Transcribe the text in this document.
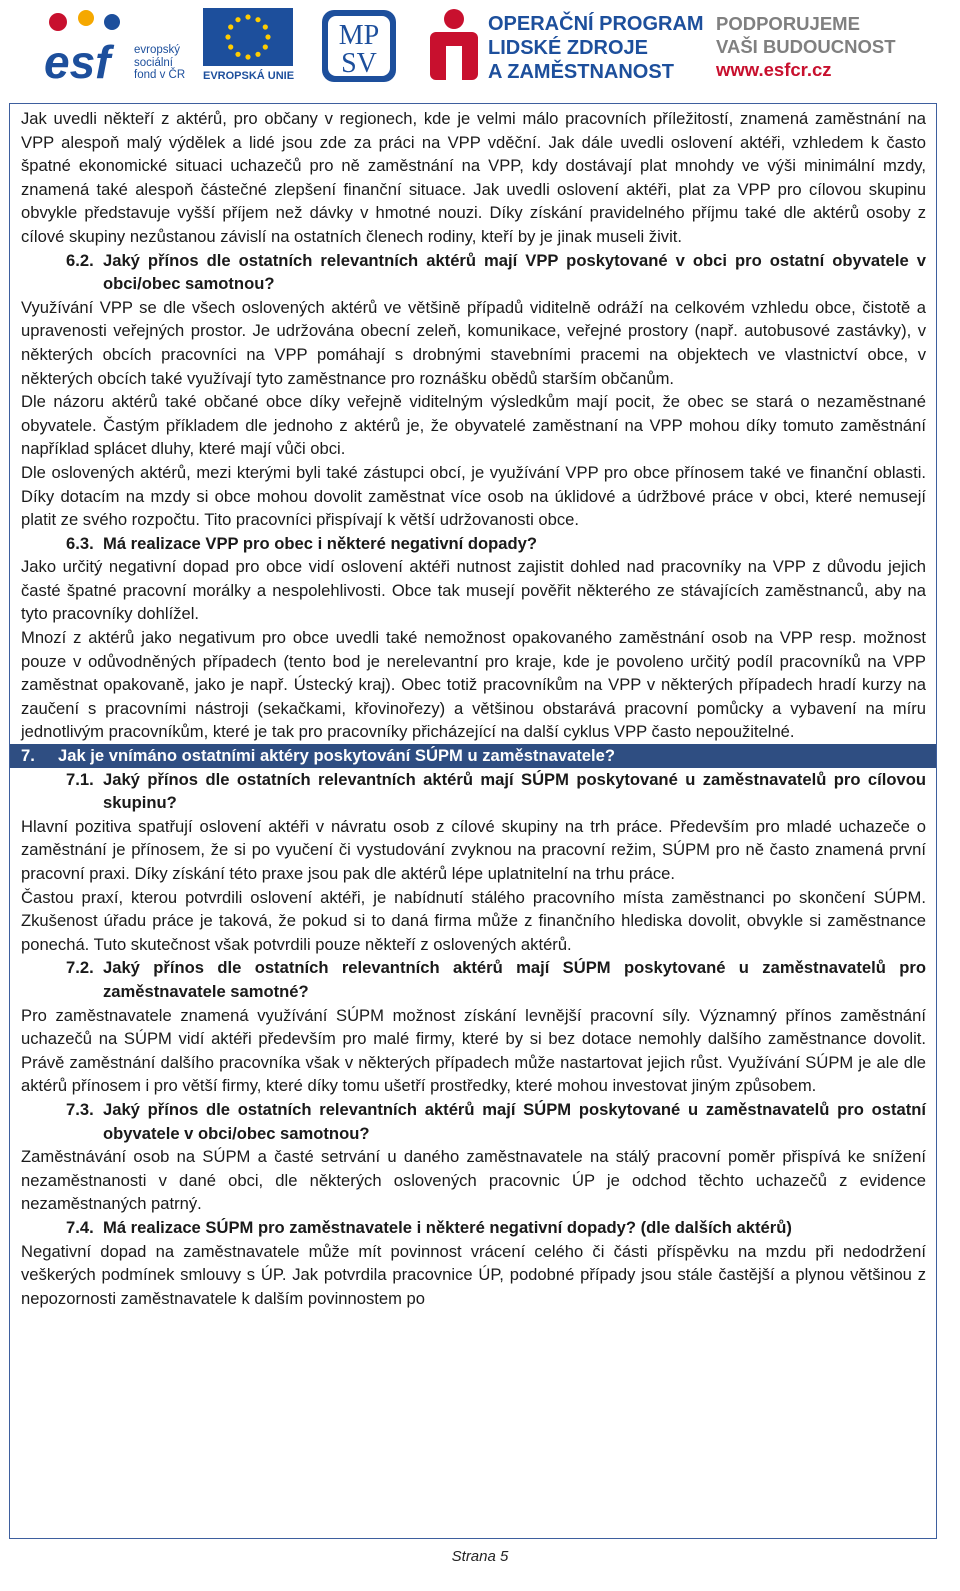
esf	evropský
sociální
fond v ČR EVROPSKÁ UNIE
MP
SV
OPERAČNÍ PROGRAM
LIDSKÉ ZDROJE
A ZAMĚSTNANOST
PODPORUJEME
VAŠI BUDOUCNOST
www.esfcr.cz

Jak uvedli někteří z aktérů, pro občany v regionech, kde je velmi málo pracovních příležitostí, znamená zaměstnání na VPP alespoň malý výdělek a lidé jsou zde za práci na VPP vděční. Jak dále uvedli oslovení aktéři, vzhledem k často špatné ekonomické situaci uchazečů pro ně zaměstnání na VPP, kdy dostávají plat mnohdy ve výši minimální mzdy, znamená také alespoň částečné zlepšení finanční situace. Jak uvedli oslovení aktéři, plat za VPP pro cílovou skupinu obvykle představuje vyšší příjem než dávky v hmotné nouzi. Díky získání pravidelného příjmu také dle aktérů osoby z cílové skupiny nezůstanou závislí na ostatních členech rodiny, kteří by je jinak museli živit.

6.2. Jaký přínos dle ostatních relevantních aktérů mají VPP poskytované v obci pro ostatní obyvatele v obci/obec samotnou?

Využívání VPP se dle všech oslovených aktérů ve většině případů viditelně odráží na celkovém vzhledu obce, čistotě a upravenosti veřejných prostor. Je udržována obecní zeleň, komunikace, veřejné prostory (např. autobusové zastávky), v některých obcích pracovníci na VPP pomáhají s drobnými stavebními pracemi na objektech ve vlastnictví obce, v některých obcích také využívají tyto zaměstnance pro roznášku obědů starším občanům.

Dle názoru aktérů také občané obce díky veřejně viditelným výsledkům mají pocit, že obec se stará o nezaměstnané obyvatele. Častým příkladem dle jednoho z aktérů je, že obyvatelé zaměstnaní na VPP mohou díky tomuto zaměstnání například splácet dluhy, které mají vůči obci.

Dle oslovených aktérů, mezi kterými byli také zástupci obcí, je využívání VPP pro obce přínosem také ve finanční oblasti. Díky dotacím na mzdy si obce mohou dovolit zaměstnat více osob na úklidové a údržbové práce v obci, které nemusejí platit ze svého rozpočtu. Tito pracovníci přispívají k větší udržovanosti obce.

6.3. Má realizace VPP pro obec i některé negativní dopady?

Jako určitý negativní dopad pro obce vidí oslovení aktéři nutnost zajistit dohled nad pracovníky na VPP z důvodu jejich časté špatné pracovní morálky a nespolehlivosti. Obce tak musejí pověřit některého ze stávajících zaměstnanců, aby na tyto pracovníky dohlížel.

Mnozí z aktérů jako negativum pro obce uvedli také nemožnost opakovaného zaměstnání osob na VPP resp. možnost pouze v odůvodněných případech (tento bod je nerelevantní pro kraje, kde je povoleno určitý podíl pracovníků na VPP zaměstnat opakovaně, jako je např. Ústecký kraj). Obec totiž pracovníkům na VPP v některých případech hradí kurzy na zaučení s pracovními nástroji (sekačkami, křovinořezy) a většinou obstarává pracovní pomůcky a vybavení na míru jednotlivým pracovníkům, které je tak pro pracovníky přicházející na další cyklus VPP často nepoužitelné.

7. Jak je vnímáno ostatními aktéry poskytování SÚPM u zaměstnavatele?
7.1. Jaký přínos dle ostatních relevantních aktérů mají SÚPM poskytované u zaměstnavatelů pro cílovou skupinu?

Hlavní pozitiva spatřují oslovení aktéři v návratu osob z cílové skupiny na trh práce. Především pro mladé uchazeče o zaměstnání je přínosem, že si po vyučení či vystudování zvyknou na pracovní režim, SÚPM pro ně často znamená první pracovní praxi. Díky získání této praxe jsou pak dle aktérů lépe uplatnitelní na trhu práce.

Častou praxí, kterou potvrdili oslovení aktéři, je nabídnutí stálého pracovního místa zaměstnanci po skončení SÚPM. Zkušenost úřadu práce je taková, že pokud si to daná firma může z finančního hlediska dovolit, obvykle si zaměstnance ponechá. Tuto skutečnost však potvrdili pouze někteří z oslovených aktérů.

7.2. Jaký přínos dle ostatních relevantních aktérů mají SÚPM poskytované u zaměstnavatelů pro zaměstnavatele samotné?

Pro zaměstnavatele znamená využívání SÚPM možnost získání levnější pracovní síly. Významný přínos zaměstnání uchazečů na SÚPM vidí aktéři především pro malé firmy, které by si bez dotace nemohly dalšího zaměstnance dovolit. Právě zaměstnání dalšího pracovníka však v některých případech může nastartovat jejich růst. Využívání SÚPM je ale dle aktérů přínosem i pro větší firmy, které díky tomu ušetří prostředky, které mohou investovat jiným způsobem.

7.3. Jaký přínos dle ostatních relevantních aktérů mají SÚPM poskytované u zaměstnavatelů pro ostatní obyvatele v obci/obec samotnou?

Zaměstnávání osob na SÚPM a časté setrvání u daného zaměstnavatele na stálý pracovní poměr přispívá ke snížení nezaměstnanosti v dané obci, dle některých oslovených pracovnic ÚP je odchod těchto uchazečů z evidence nezaměstnaných patrný.

7.4. Má realizace SÚPM pro zaměstnavatele i některé negativní dopady? (dle dalších aktérů)

Negativní dopad na zaměstnavatele může mít povinnost vrácení celého či části příspěvku na mzdu při nedodržení veškerých podmínek smlouvy s ÚP. Jak potvrdila pracovnice ÚP, podobné případy jsou stále častější a plynou většinou z nepozornosti zaměstnavatele k dalším povinnostem po

Strana 5
